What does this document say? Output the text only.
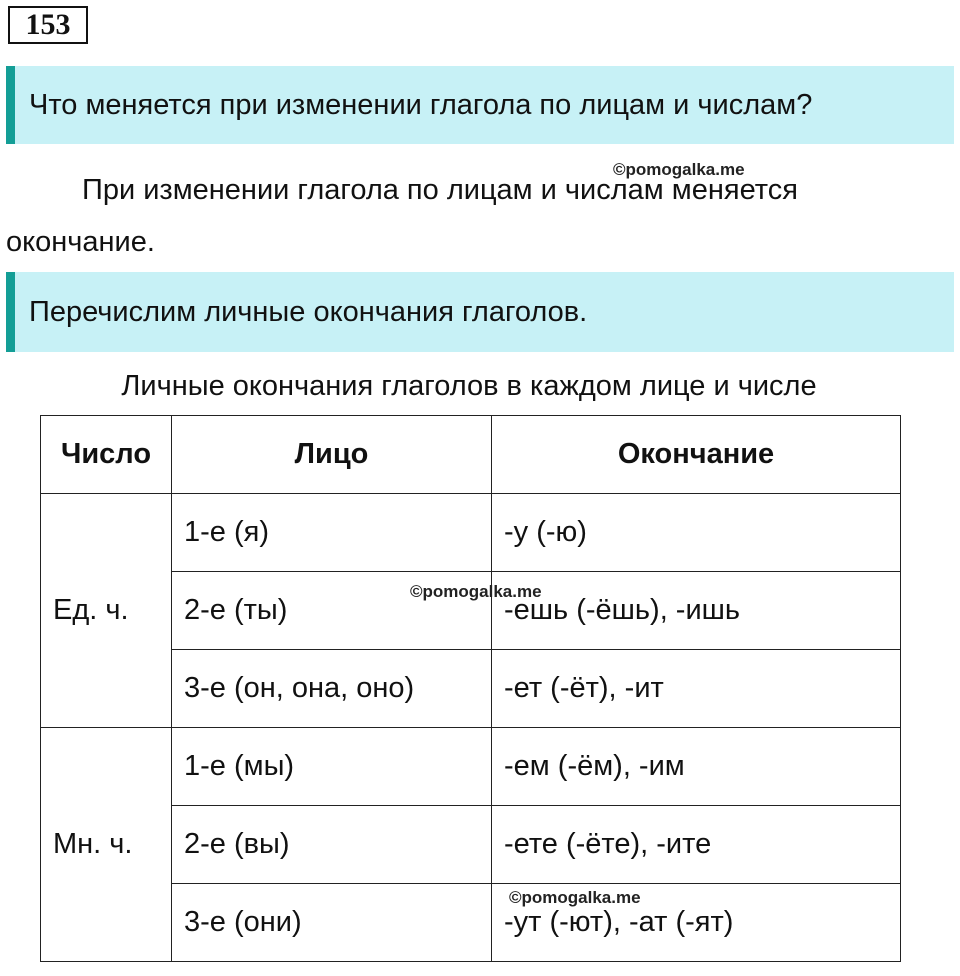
153
Что меняется при изменении глагола по лицам и числам?
©pomogalka.me
При изменении глагола по лицам и числам меняется окончание.
Перечислим личные окончания глаголов.
Личные окончания глаголов в каждом лице и числе
Число	Лицо	Окончание
Ед. ч.	1-е (я)	-у (-ю)
	2-е (ты)	-ешь (-ёшь), -ишь
	3-е (он, она, оно)	-ет (-ёт), -ит
Мн. ч.	1-е (мы)	-ем (-ём), -им
	2-е (вы)	-ете (-ёте), -ите
	3-е (они)	-ут (-ют), -ат (-ят)
©pomogalka.me
©pomogalka.me
